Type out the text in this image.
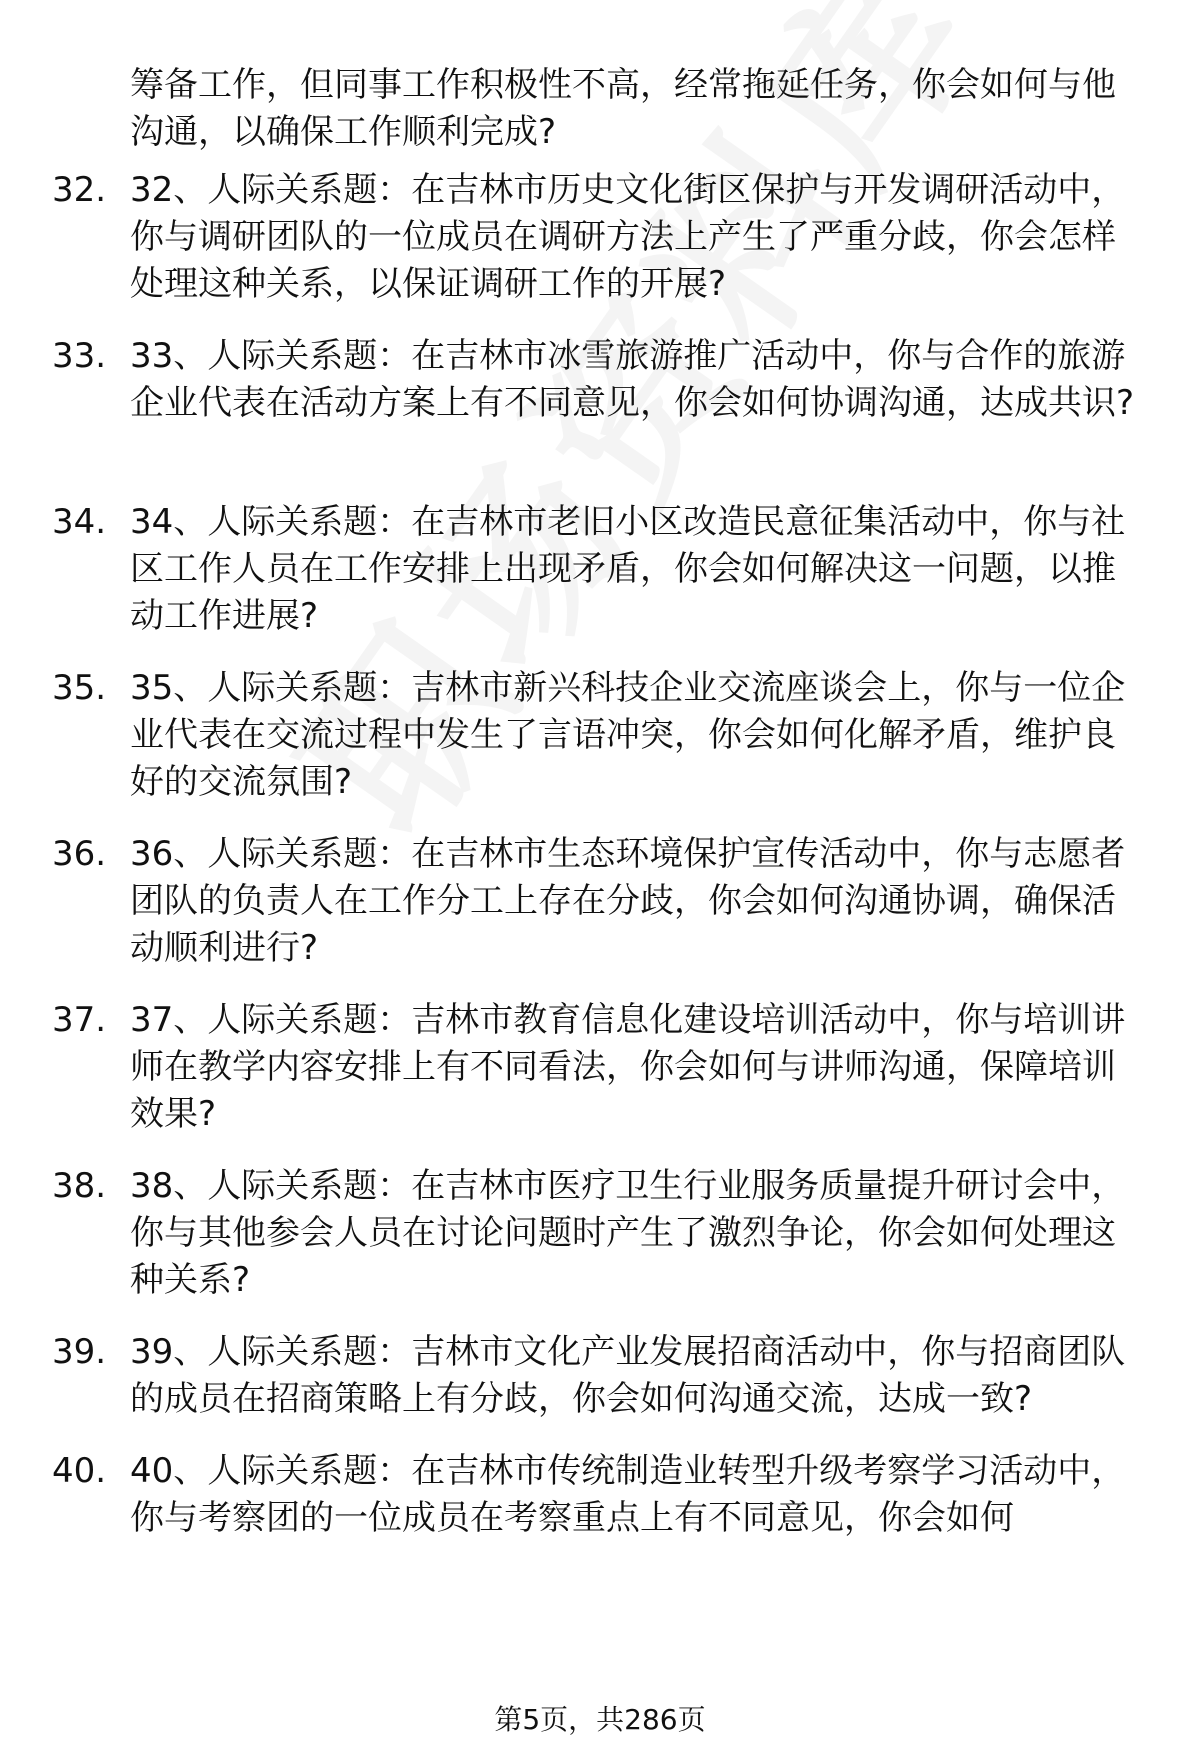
筹备工作，但同事工作积极性不高，经常拖延任务，你会如何与他沟通，以确保工作顺利完成?

32. 32、人际关系题：在吉林市历史文化街区保护与开发调研活动中，你与调研团队的一位成员在调研方法上产生了严重分歧，你会怎样处理这种关系，以保证调研工作的开展?

33. 33、人际关系题：在吉林市冰雪旅游推广活动中，你与合作的旅游企业代表在活动方案上有不同意见，你会如何协调沟通，达成共识?

34. 34、人际关系题：在吉林市老旧小区改造民意征集活动中，你与社区工作人员在工作安排上出现矛盾，你会如何解决这一问题，以推动工作进展?

35. 35、人际关系题：吉林市新兴科技企业交流座谈会上，你与一位企业代表在交流过程中发生了言语冲突，你会如何化解矛盾，维护良好的交流氛围?

36. 36、人际关系题：在吉林市生态环境保护宣传活动中，你与志愿者团队的负责人在工作分工上存在分歧，你会如何沟通协调，确保活动顺利进行?

37. 37、人际关系题：吉林市教育信息化建设培训活动中，你与培训讲师在教学内容安排上有不同看法，你会如何与讲师沟通，保障培训效果?

38. 38、人际关系题：在吉林市医疗卫生行业服务质量提升研讨会中，你与其他参会人员在讨论问题时产生了激烈争论，你会如何处理这种关系?

39. 39、人际关系题：吉林市文化产业发展招商活动中，你与招商团队的成员在招商策略上有分歧，你会如何沟通交流，达成一致?

40. 40、人际关系题：在吉林市传统制造业转型升级考察学习活动中，你与考察团的一位成员在考察重点上有不同意见，你会如何

第5页，共286页
